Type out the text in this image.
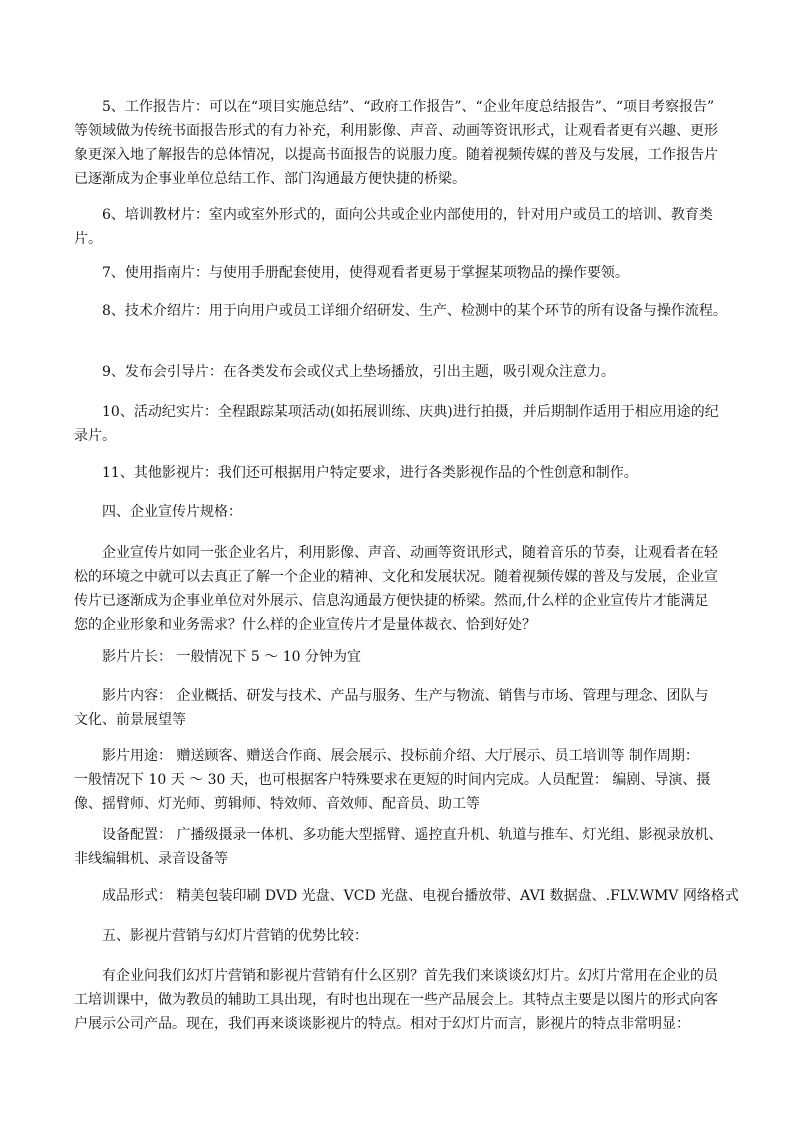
5、工作报告片：可以在“项目实施总结”、“政府工作报告”、“企业年度总结报告”、“项目考察报告”
等领域做为传统书面报告形式的有力补充，利用影像、声音、动画等资讯形式，让观看者更有兴趣、更形
象更深入地了解报告的总体情况，以提高书面报告的说服力度。随着视频传媒的普及与发展，工作报告片
已逐渐成为企事业单位总结工作、部门沟通最方便快捷的桥梁。

6、培训教材片：室内或室外形式的，面向公共或企业内部使用的，针对用户或员工的培训、教育类
片。

7、使用指南片：与使用手册配套使用，使得观看者更易于掌握某项物品的操作要领。

8、技术介绍片：用于向用户或员工详细介绍研发、生产、检测中的某个环节的所有设备与操作流程。

9、发布会引导片：在各类发布会或仪式上垫场播放，引出主题，吸引观众注意力。

10、活动纪实片：全程跟踪某项活动(如拓展训练、庆典)进行拍摄，并后期制作适用于相应用途的纪
录片。

11、其他影视片：我们还可根据用户特定要求，进行各类影视作品的个性创意和制作。

四、企业宣传片规格：

企业宣传片如同一张企业名片，利用影像、声音、动画等资讯形式，随着音乐的节奏，让观看者在轻
松的环境之中就可以去真正了解一个企业的精神、文化和发展状况。随着视频传媒的普及与发展，企业宣
传片已逐渐成为企事业单位对外展示、信息沟通最方便快捷的桥梁。然而,什么样的企业宣传片才能满足
您的企业形象和业务需求？什么样的企业宣传片才是量体裁衣、恰到好处？

影片片长： 一般情况下 5 ～ 10 分钟为宜

影片内容： 企业概括、研发与技术、产品与服务、生产与物流、销售与市场、管理与理念、团队与
文化、前景展望等

影片用途： 赠送顾客、赠送合作商、展会展示、投标前介绍、大厅展示、员工培训等 制作周期：
一般情况下 10 天 ～ 30 天，也可根据客户特殊要求在更短的时间内完成。人员配置： 编剧、导演、摄
像、摇臂师、灯光师、剪辑师、特效师、音效师、配音员、助工等

设备配置： 广播级摄录一体机、多功能大型摇臂、遥控直升机、轨道与推车、灯光组、影视录放机、
非线编辑机、录音设备等

成品形式： 精美包装印刷 DVD 光盘、VCD 光盘、电视台播放带、AVI 数据盘、.FLV.WMV 网络格式

五、影视片营销与幻灯片营销的优势比较：

有企业问我们幻灯片营销和影视片营销有什么区别？首先我们来谈谈幻灯片。幻灯片常用在企业的员
工培训课中，做为教员的辅助工具出现，有时也出现在一些产品展会上。其特点主要是以图片的形式向客
户展示公司产品。现在，我们再来谈谈影视片的特点。相对于幻灯片而言，影视片的特点非常明显：
